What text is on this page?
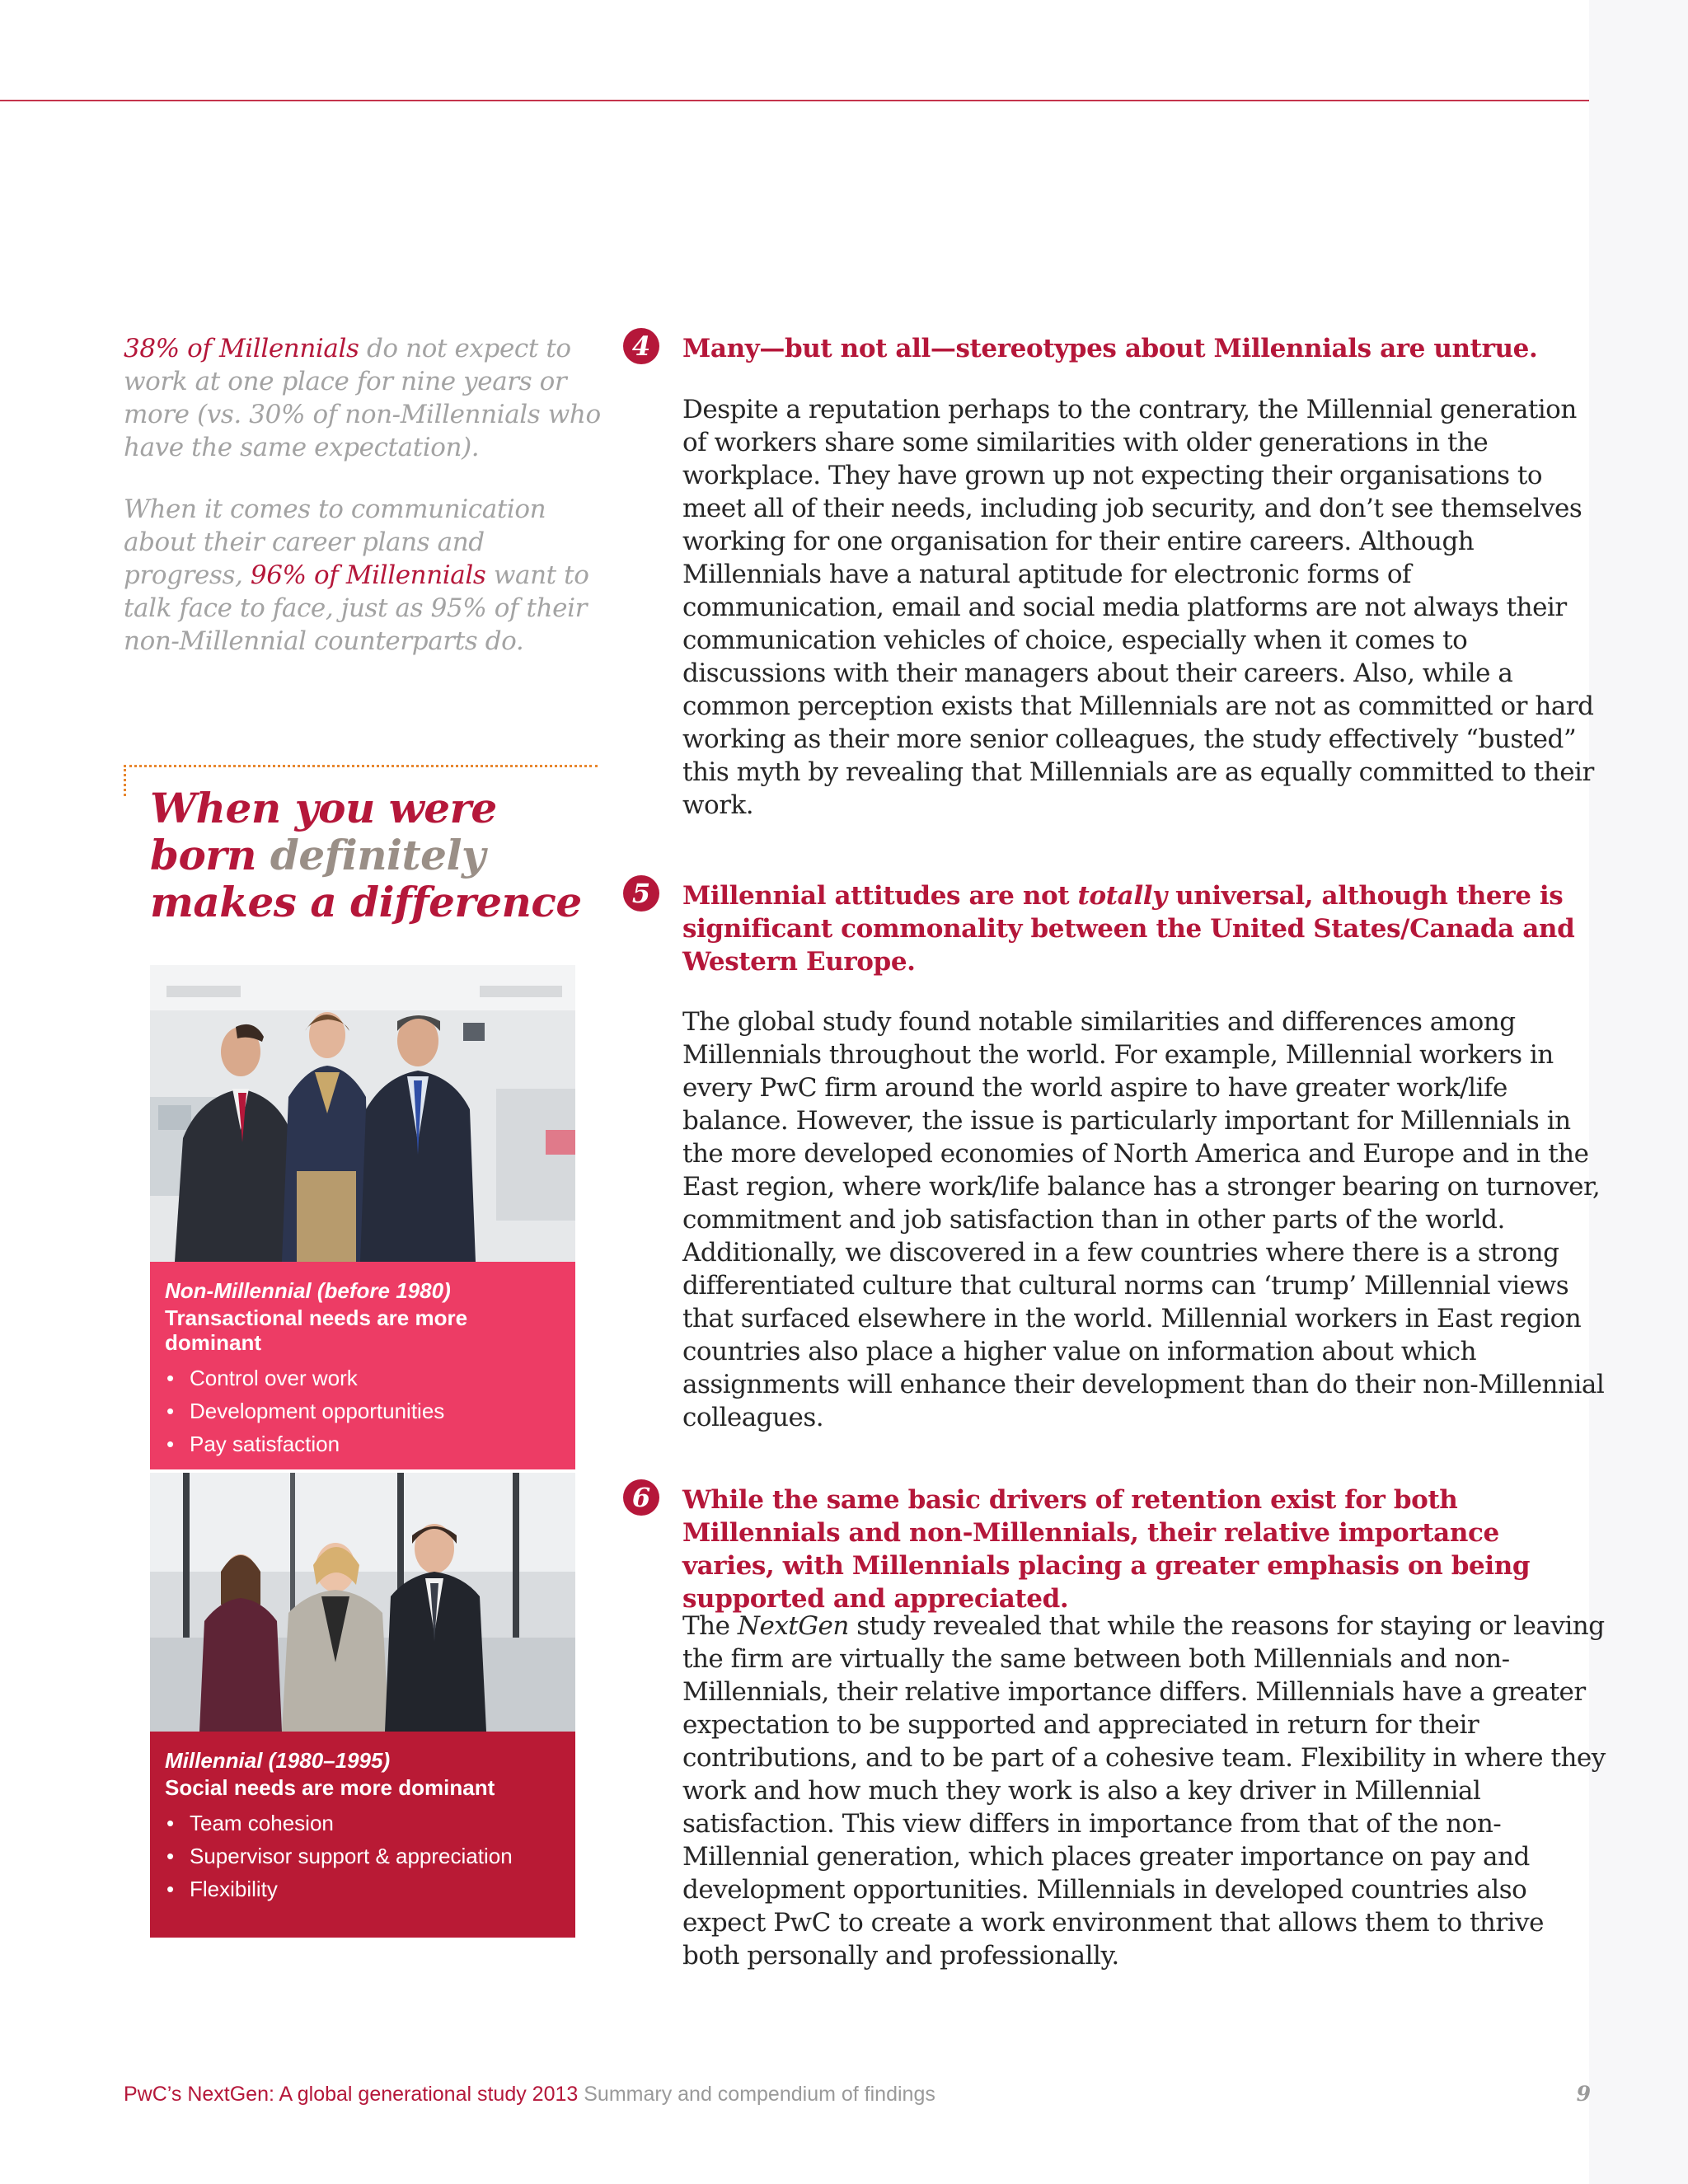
38% of Millennials do not expect to work at one place for nine years or more (vs. 30% of non-Millennials who have the same expectation).
When it comes to communication about their career plans and progress, 96% of Millennials want to talk face to face, just as 95% of their non-Millennial counterparts do.
When you were born definitely makes a difference
Non-Millennial (before 1980)
Transactional needs are more dominant
• Control over work
• Development opportunities
• Pay satisfaction
Millennial (1980–1995)
Social needs are more dominant
• Team cohesion
• Supervisor support & appreciation
• Flexibility
4	Many—but not all—stereotypes about Millennials are untrue.
Despite a reputation perhaps to the contrary, the Millennial generation of workers share some similarities with older generations in the workplace. They have grown up not expecting their organisations to meet all of their needs, including job security, and don’t see themselves working for one organisation for their entire careers. Although Millennials have a natural aptitude for electronic forms of communication, email and social media platforms are not always their communication vehicles of choice, especially when it comes to discussions with their managers about their careers. Also, while a common perception exists that Millennials are not as committed or hard working as their more senior colleagues, the study effectively “busted” this myth by revealing that Millennials are as equally committed to their work.
5	Millennial attitudes are not totally universal, although there is significant commonality between the United States/Canada and Western Europe.
The global study found notable similarities and differences among Millennials throughout the world. For example, Millennial workers in every PwC firm around the world aspire to have greater work/life balance. However, the issue is particularly important for Millennials in the more developed economies of North America and Europe and in the East region, where work/life balance has a stronger bearing on turnover, commitment and job satisfaction than in other parts of the world. Additionally, we discovered in a few countries where there is a strong differentiated culture that cultural norms can ‘trump’ Millennial views that surfaced elsewhere in the world. Millennial workers in East region countries also place a higher value on information about which assignments will enhance their development than do their non-Millennial colleagues.
6	While the same basic drivers of retention exist for both Millennials and non-Millennials, their relative importance varies, with Millennials placing a greater emphasis on being supported and appreciated.
The NextGen study revealed that while the reasons for staying or leaving the firm are virtually the same between both Millennials and non-Millennials, their relative importance differs. Millennials have a greater expectation to be supported and appreciated in return for their contributions, and to be part of a cohesive team. Flexibility in where they work and how much they work is also a key driver in Millennial satisfaction. This view differs in importance from that of the non-Millennial generation, which places greater importance on pay and development opportunities. Millennials in developed countries also expect PwC to create a work environment that allows them to thrive both personally and professionally.
PwC’s NextGen: A global generational study 2013 Summary and compendium of findings	9
